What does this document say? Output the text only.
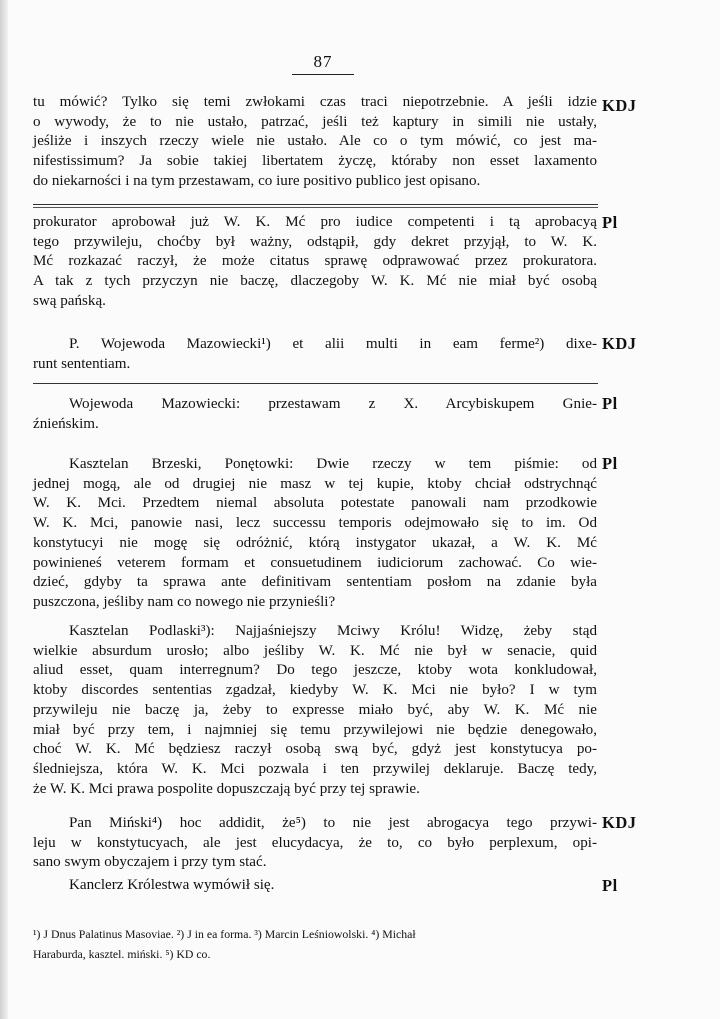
87

tu mówić? Tylko się temi zwłokami czas traci niepotrzebnie. A jeśli idzie

o wywody, że to nie ustało, patrzać, jeśli też kaptury in simili nie ustały,

jeśliże i inszych rzeczy wiele nie ustało. Ale co o tym mówić, co jest ma-

nifestissimum? Ja sobie takiej libertatem życzę, któraby non esset laxamento

do niekarności i na tym przestawam, co iure positivo publico jest opisano.

KDJ

prokurator aprobował już W. K. Mć pro iudice competenti i tą aprobacyą

tego przywileju, choćby był ważny, odstąpił, gdy dekret przyjął, to W. K.

Mć rozkazać raczył, że może citatus sprawę odprawować przez prokuratora.

A tak z tych przyczyn nie baczę, dlaczegoby W. K. Mć nie miał być osobą

swą pańską.

Pl

P. Wojewoda Mazowiecki¹) et alii multi in eam ferme²) dixe-

runt sententiam.

KDJ

Wojewoda Mazowiecki: przestawam z X. Arcybiskupem Gnie-

źnieńskim.

Pl

Kasztelan Brzeski, Ponętowki: Dwie rzeczy w tem piśmie: od

jednej mogą, ale od drugiej nie masz w tej kupie, ktoby chciał odstrychnąć

W. K. Mci. Przedtem niemal absoluta potestate panowali nam przodkowie

W. K. Mci, panowie nasi, lecz successu temporis odejmowało się to im. Od

konstytucyi nie mogę się odróżnić, którą instygator ukazał, a W. K. Mć

powinieneś veterem formam et consuetudinem iudiciorum zachować. Co wie-

dzieć, gdyby ta sprawa ante definitivam sententiam posłom na zdanie była

puszczona, jeśliby nam co nowego nie przynieśli?

Pl

Kasztelan Podlaski³): Najjaśniejszy Mciwy Królu! Widzę, żeby stąd

wielkie absurdum urosło; albo jeśliby W. K. Mć nie był w senacie, quid

aliud esset, quam interregnum? Do tego jeszcze, ktoby wota konkludował,

ktoby discordes sententias zgadzał, kiedyby W. K. Mci nie było? I w tym

przywileju nie baczę ja, żeby to expresse miało być, aby W. K. Mć nie

miał być przy tem, i najmniej się temu przywilejowi nie będzie denegowało,

choć W. K. Mć będziesz raczył osobą swą być, gdyż jest konstytucya po-

śledniejsza, która W. K. Mci pozwala i ten przywilej deklaruje. Baczę tedy,

że W. K. Mci prawa pospolite dopuszczają być przy tej sprawie.

Pan Miński⁴) hoc addidit, że⁵) to nie jest abrogacya tego przywi-

leju w konstytucyach, ale jest elucydacya, że to, co było perplexum, opi-

sano swym obyczajem i przy tym stać.

KDJ

Kanclerz Królestwa wymówił się.	Pl

¹) J Dnus Palatinus Masoviae. ²) J in ea forma. ³) Marcin Leśniowolski. ⁴) Michał

Haraburda, kasztel. miński. ⁵) KD co.
